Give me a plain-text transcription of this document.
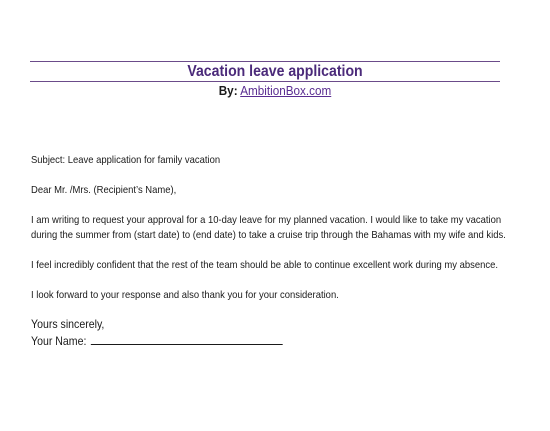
Vacation leave application
By: AmbitionBox.com
Subject: Leave application for family vacation
Dear Mr. /Mrs. (Recipient’s Name),
I am writing to request your approval for a 10-day leave for my planned vacation. I would like to take my vacation
during the summer from (start date) to (end date) to take a cruise trip through the Bahamas with my wife and kids.
I feel incredibly confident that the rest of the team should be able to continue excellent work during my absence.
I look forward to your response and also thank you for your consideration.
Yours sincerely,
Your Name:
